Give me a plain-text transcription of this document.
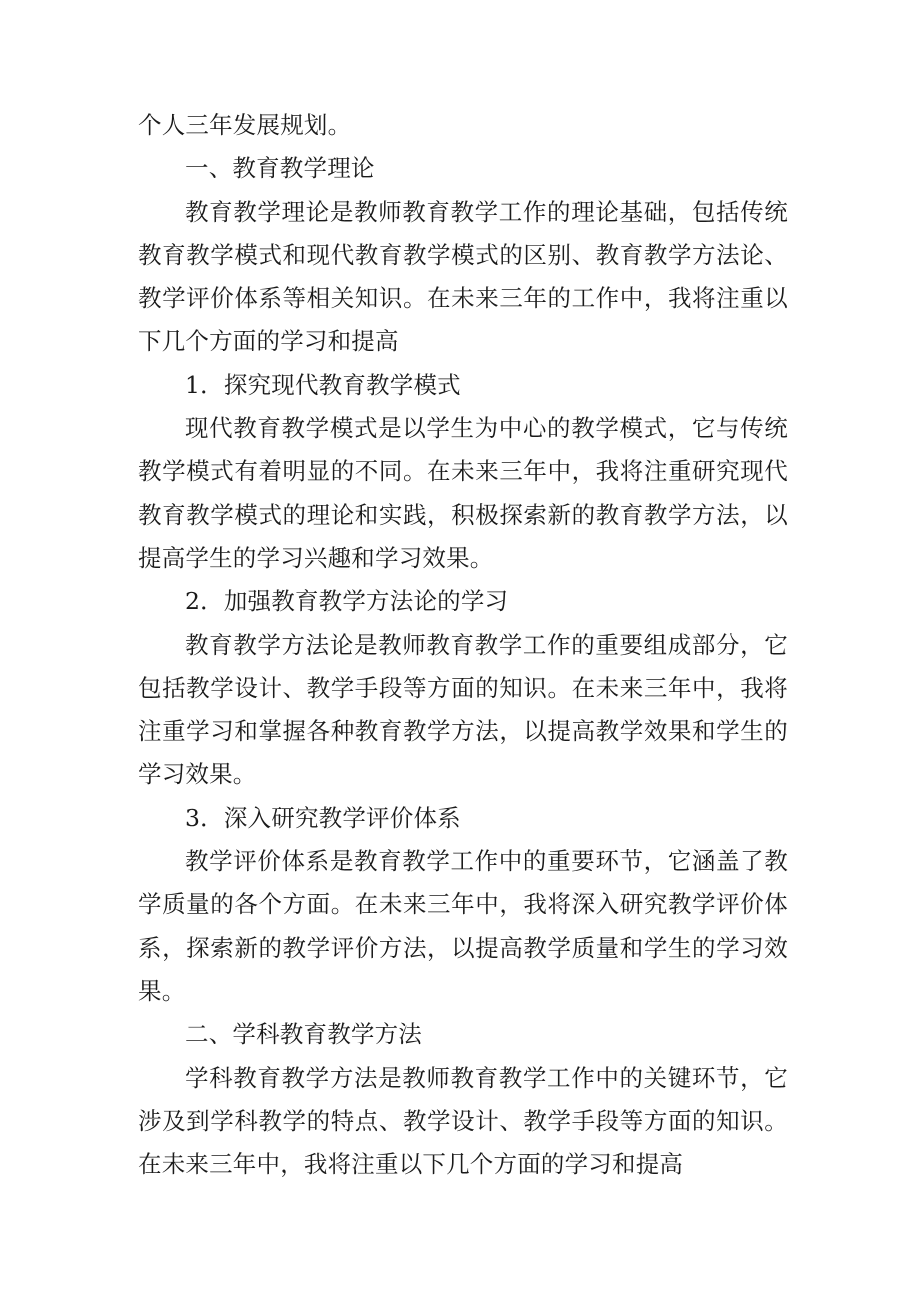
个人三年发展规划。

一、教育教学理论

教育教学理论是教师教育教学工作的理论基础，包括传统教育教学模式和现代教育教学模式的区别、教育教学方法论、教学评价体系等相关知识。在未来三年的工作中，我将注重以下几个方面的学习和提高

1．探究现代教育教学模式

现代教育教学模式是以学生为中心的教学模式，它与传统教学模式有着明显的不同。在未来三年中，我将注重研究现代教育教学模式的理论和实践，积极探索新的教育教学方法，以提高学生的学习兴趣和学习效果。

2．加强教育教学方法论的学习

教育教学方法论是教师教育教学工作的重要组成部分，它包括教学设计、教学手段等方面的知识。在未来三年中，我将注重学习和掌握各种教育教学方法，以提高教学效果和学生的学习效果。

3．深入研究教学评价体系

教学评价体系是教育教学工作中的重要环节，它涵盖了教学质量的各个方面。在未来三年中，我将深入研究教学评价体系，探索新的教学评价方法，以提高教学质量和学生的学习效果。

二、学科教育教学方法

学科教育教学方法是教师教育教学工作中的关键环节，它涉及到学科教学的特点、教学设计、教学手段等方面的知识。在未来三年中，我将注重以下几个方面的学习和提高
